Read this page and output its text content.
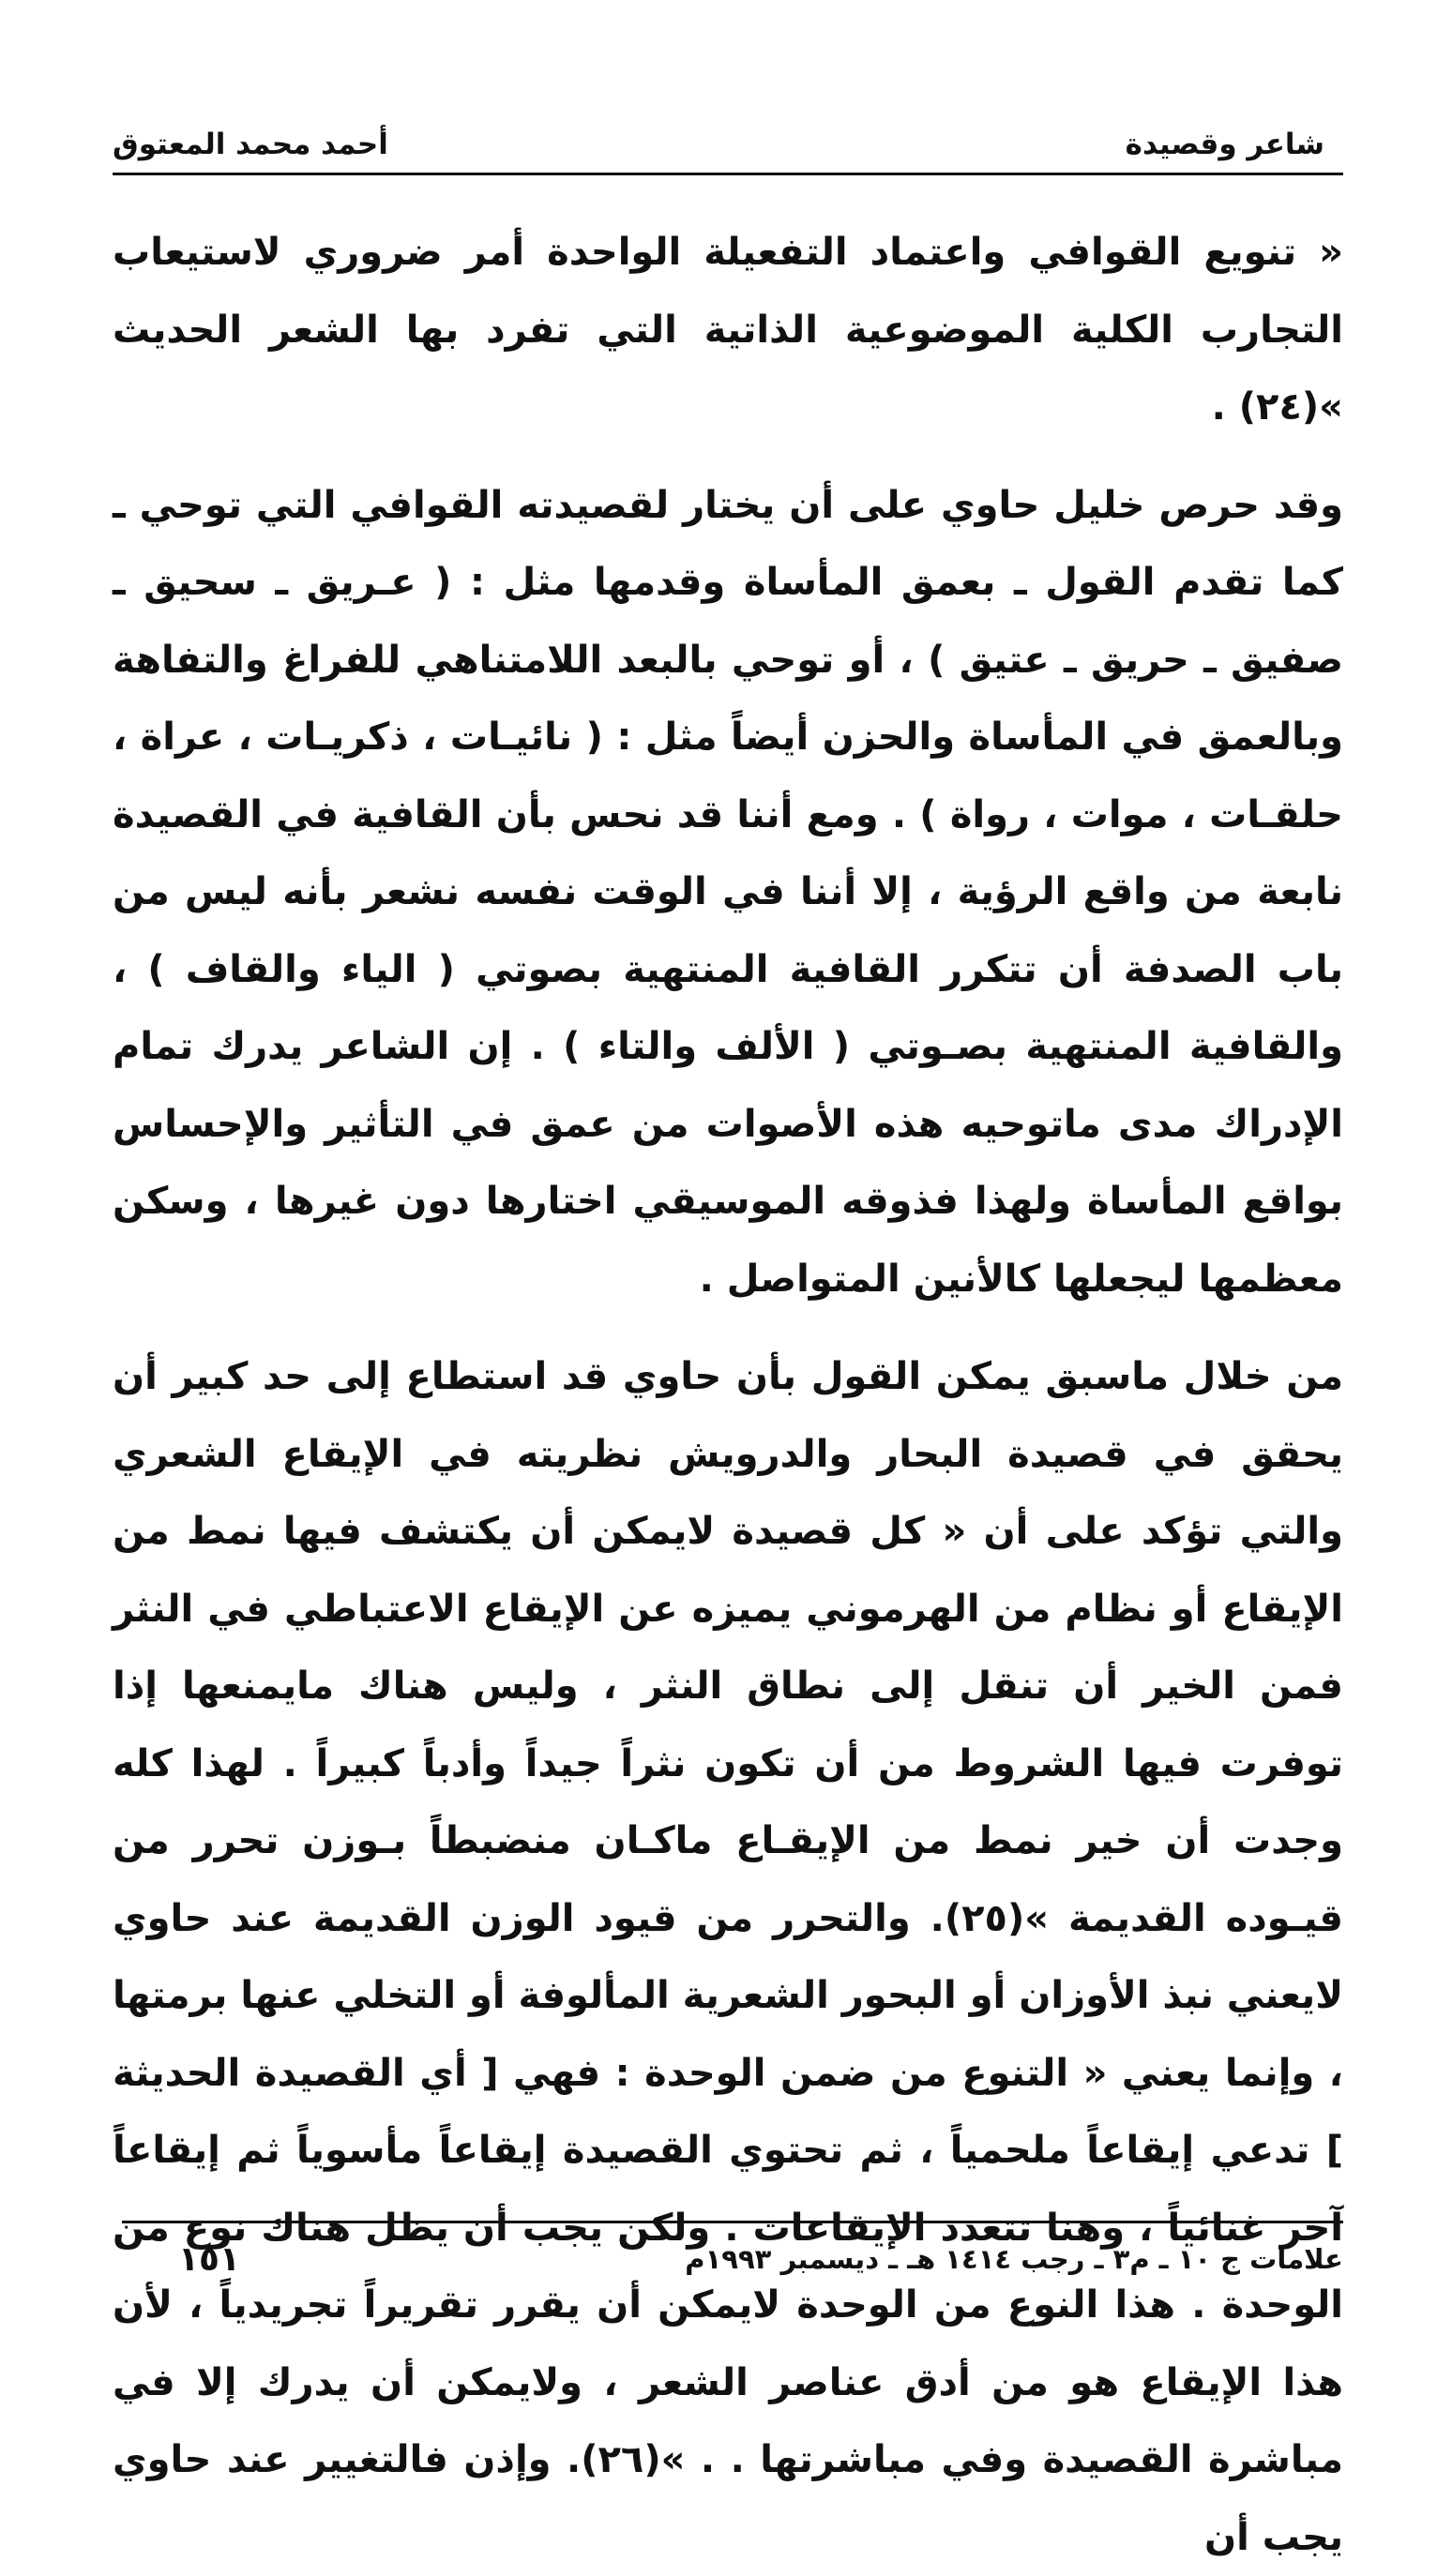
شاعر وقصيدة
أحمد محمد المعتوق

« تنويع القوافي واعتماد التفعيلة الواحدة أمر ضروري لاستيعاب التجارب الكلية الموضوعية الذاتية التي تفرد بها الشعر الحديث »(٢٤) .

وقد حرص خليل حاوي على أن يختار لقصيدته القوافي التي توحي ـ كما تقدم القول ـ بعمق المأساة وقدمها مثل : ( عـريق ـ سحيق ـ صفيق ـ حريق ـ عتيق ) ، أو توحي بالبعد اللامتناهي للفراغ والتفاهة وبالعمق في المأساة والحزن أيضاً مثل : ( نائيـات ، ذكريـات ، عراة ، حلقـات ، موات ، رواة ) . ومع أننا قد نحس بأن القافية في القصيدة نابعة من واقع الرؤية ، إلا أننا في الوقت نفسه نشعر بأنه ليس من باب الصدفة أن تتكرر القافية المنتهية بصوتي ( الياء والقاف ) ، والقافية المنتهية بصـوتي ( الألف والتاء ) . إن الشاعر يدرك تمام الإدراك مدى ماتوحيه هذه الأصوات من عمق في التأثير والإحساس بواقع المأساة ولهذا فذوقه الموسيقي اختارها دون غيرها ، وسكن معظمها ليجعلها كالأنين المتواصل .

من خلال ماسبق يمكن القول بأن حاوي قد استطاع إلى حد كبير أن يحقق في قصيدة البحار والدرويش نظريته في الإيقاع الشعري والتي تؤكد على أن « كل قصيدة لايمكن أن يكتشف فيها نمط من الإيقاع أو نظام من الهرموني يميزه عن الإيقاع الاعتباطي في النثر فمن الخير أن تنقل إلى نطاق النثر ، وليس هناك مايمنعها إذا توفرت فيها الشروط من أن تكون نثراً جيداً وأدباً كبيراً . لهذا كله وجدت أن خير نمط من الإيقـاع ماكـان منضبطاً بـوزن تحرر من قيـوده القديمة »(٢٥). والتحرر من قيود الوزن القديمة عند حاوي لايعني نبذ الأوزان أو البحور الشعرية المألوفة أو التخلي عنها برمتها ، وإنما يعني « التنوع من ضمن الوحدة : فهي [ أي القصيدة الحديثة ] تدعي إيقاعاً ملحمياً ، ثم تحتوي القصيدة إيقاعاً مأسوياً ثم إيقاعاً آخر غنائياً ، وهنا تتعدد الإيقاعات . ولكن يجب أن يظل هناك نوع من الوحدة . هذا النوع من الوحدة لايمكن أن يقرر تقريراً تجريدياً ، لأن هذا الإيقاع هو من أدق عناصر الشعر ، ولايمكن أن يدرك إلا في مباشرة القصيدة وفي مباشرتها . . »(٢٦). وإذن فالتغيير عند حاوي يجب أن

علامات ج ١٠ ـ م٣ ـ رجب ١٤١٤ هـ ـ ديسمبر ١٩٩٣م
١٥١
